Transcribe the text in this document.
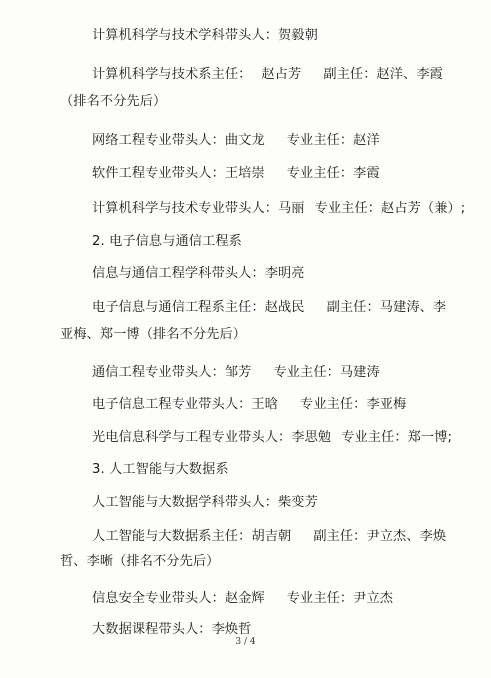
计算机科学与技术学科带头人：贺毅朝
计算机科学与技术系主任： 赵占芳 副主任：赵洋、李霞
（排名不分先后）
网络工程专业带头人：曲文龙 专业主任：赵洋
软件工程专业带头人：王培崇 专业主任：李霞
计算机科学与技术专业带头人：马丽 专业主任：赵占芳（兼）;
2. 电子信息与通信工程系
信息与通信工程学科带头人：李明亮
电子信息与通信工程系主任：赵战民 副主任：马建涛、李
亚梅、郑一博（排名不分先后）
通信工程专业带头人：邹芳 专业主任：马建涛
电子信息工程专业带头人：王晗 专业主任：李亚梅
光电信息科学与工程专业带头人：李思勉 专业主任：郑一博;
3. 人工智能与大数据系
人工智能与大数据学科带头人：柴变芳
人工智能与大数据系主任：胡吉朝 副主任：尹立杰、李焕
哲、李晰（排名不分先后）
信息安全专业带头人：赵金辉 专业主任：尹立杰
大数据课程带头人：李焕哲
3 / 4
